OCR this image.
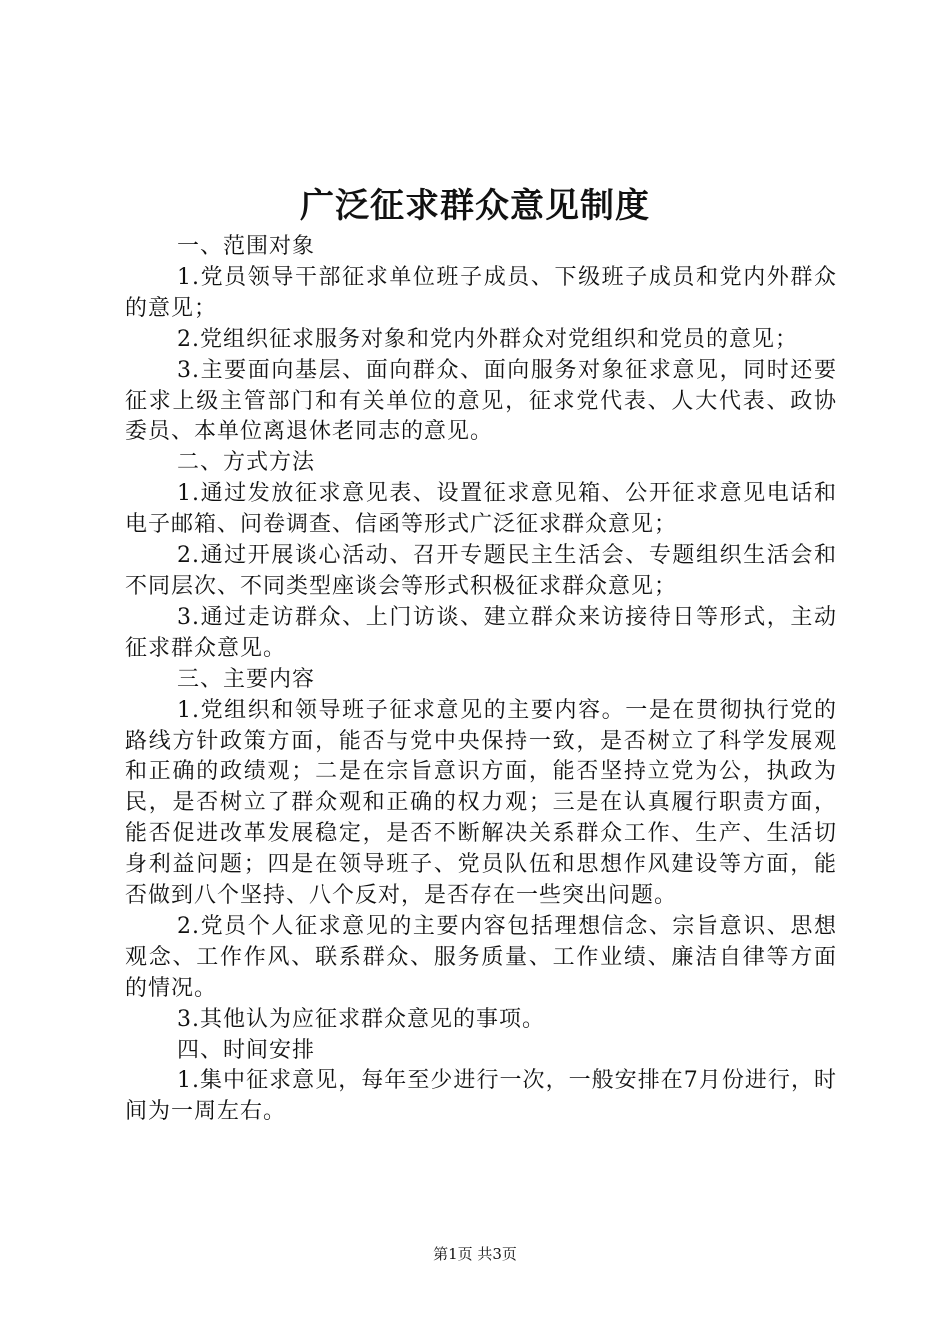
广泛征求群众意见制度

一、范围对象

1.党员领导干部征求单位班子成员、下级班子成员和党内外群众的意见；

2.党组织征求服务对象和党内外群众对党组织和党员的意见；

3.主要面向基层、面向群众、面向服务对象征求意见，同时还要征求上级主管部门和有关单位的意见，征求党代表、人大代表、政协委员、本单位离退休老同志的意见。

二、方式方法

1.通过发放征求意见表、设置征求意见箱、公开征求意见电话和电子邮箱、问卷调查、信函等形式广泛征求群众意见；

2.通过开展谈心活动、召开专题民主生活会、专题组织生活会和不同层次、不同类型座谈会等形式积极征求群众意见；

3.通过走访群众、上门访谈、建立群众来访接待日等形式，主动征求群众意见。

三、主要内容

1.党组织和领导班子征求意见的主要内容。一是在贯彻执行党的路线方针政策方面，能否与党中央保持一致，是否树立了科学发展观和正确的政绩观；二是在宗旨意识方面，能否坚持立党为公，执政为民，是否树立了群众观和正确的权力观；三是在认真履行职责方面，能否促进改革发展稳定，是否不断解决关系群众工作、生产、生活切身利益问题；四是在领导班子、党员队伍和思想作风建设等方面，能否做到八个坚持、八个反对，是否存在一些突出问题。

2.党员个人征求意见的主要内容包括理想信念、宗旨意识、思想观念、工作作风、联系群众、服务质量、工作业绩、廉洁自律等方面的情况。

3.其他认为应征求群众意见的事项。

四、时间安排

1.集中征求意见，每年至少进行一次，一般安排在7月份进行，时间为一周左右。

第1页 共3页
